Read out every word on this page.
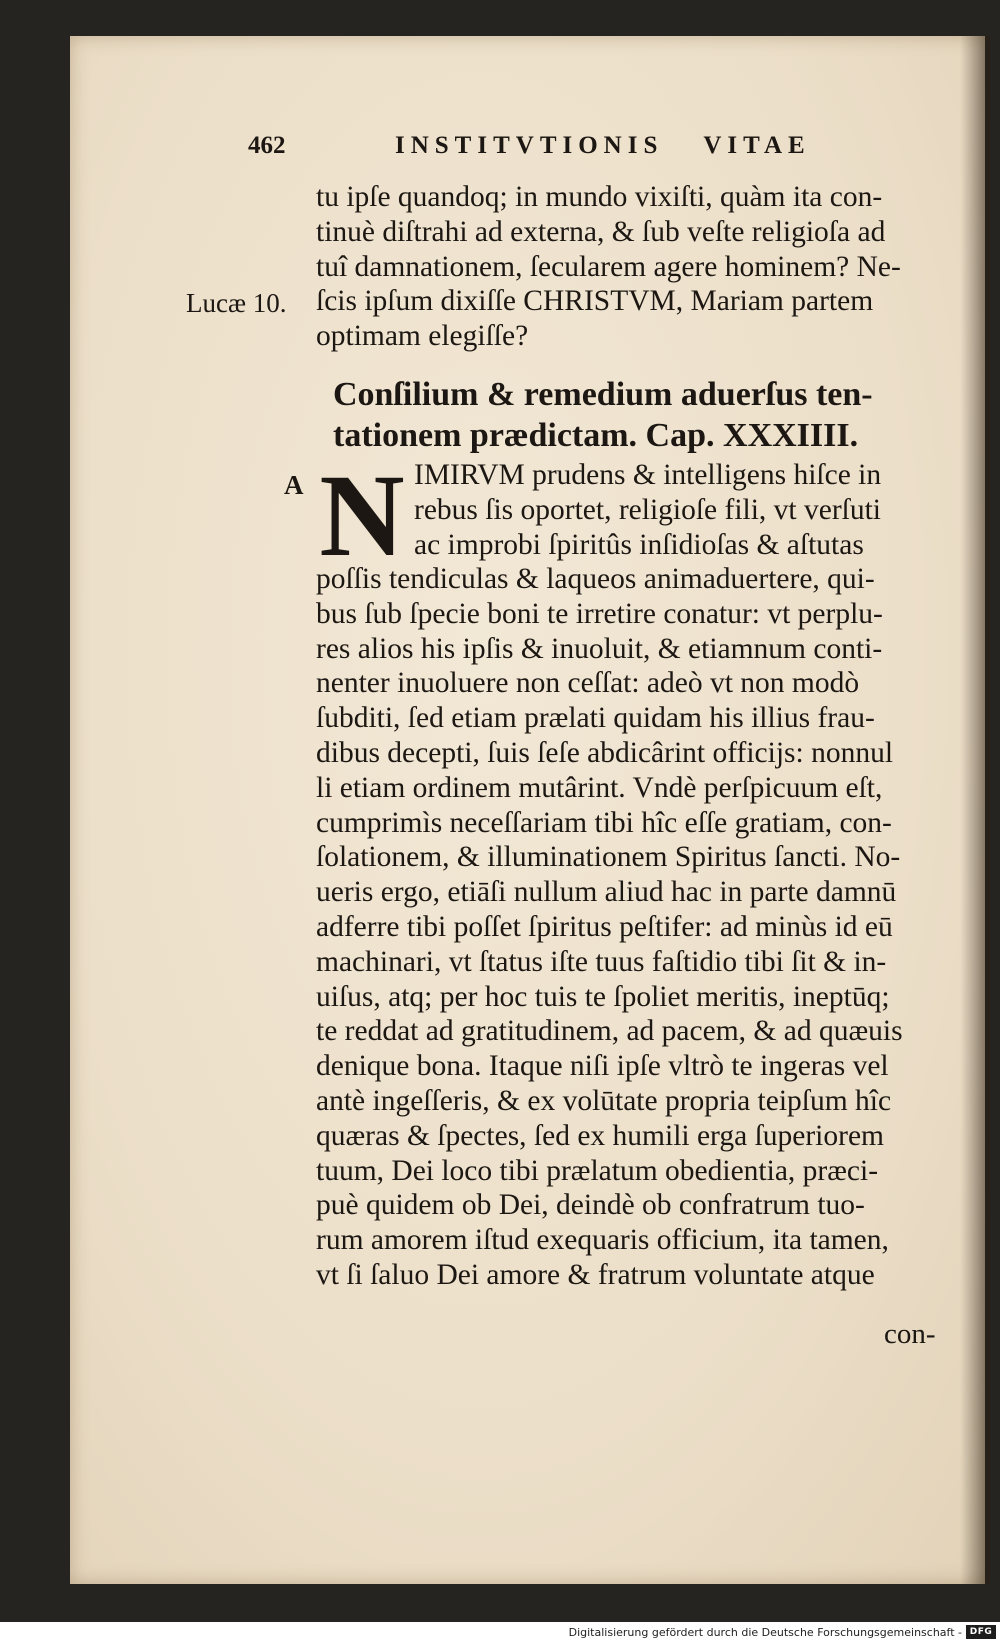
462	INSTITVTIONIS VITAE
Lucæ 10.
tu ipſe quandoq; in mundo vixiſti, quàm ita con-
tinuè diſtrahi ad externa, & ſub veſte religioſa ad
tuî damnationem, ſecularem agere hominem? Ne-
ſcis ipſum dixiſſe CHRISTVM, Mariam partem
optimam elegiſſe?
Conſilium & remedium aduerſus ten-
tationem prædictam. Cap. XXXIIII.
A N IMIRVM prudens & intelligens hiſce in
rebus ſis oportet, religioſe fili, vt verſuti
ac improbi ſpiritûs inſidioſas & aſtutas
poſſis tendiculas & laqueos animaduertere, qui-
bus ſub ſpecie boni te irretire conatur: vt perplu-
res alios his ipſis & inuoluit, & etiamnum conti-
nenter inuoluere non ceſſat: adeò vt non modò
ſubditi, ſed etiam prælati quidam his illius frau-
dibus decepti, ſuis ſeſe abdicârint officijs: nonnul
li etiam ordinem mutârint. Vndè perſpicuum eſt,
cumprimìs neceſſariam tibi hîc eſſe gratiam, con-
ſolationem, & illuminationem Spiritus ſancti. No-
ueris ergo, etiāſi nullum aliud hac in parte damnū
adferre tibi poſſet ſpiritus peſtifer: ad minùs id eū
machinari, vt ſtatus iſte tuus faſtidio tibi ſit & in-
uiſus, atq; per hoc tuis te ſpoliet meritis, ineptūq;
te reddat ad gratitudinem, ad pacem, & ad quæuis
denique bona. Itaque niſi ipſe vltrò te ingeras vel
antè ingeſſeris, & ex volūtate propria teipſum hîc
quæras & ſpectes, ſed ex humili erga ſuperiorem
tuum, Dei loco tibi prælatum obedientia, præci-
puè quidem ob Dei, deindè ob confratrum tuo-
rum amorem iſtud exequaris officium, ita tamen,
vt ſi ſaluo Dei amore & fratrum voluntate atque
con-
Digitalisierung gefördert durch die Deutsche Forschungsgemeinschaft - DFG
